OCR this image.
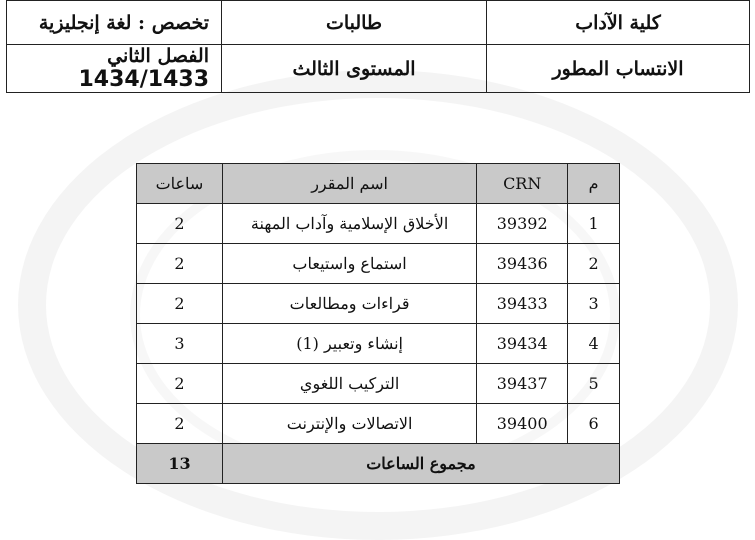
كلية الآداب	طالبات	تخصص : لغة إنجليزية
الانتساب المطور	المستوى الثالث	الفصل الثاني 1434/1433
م	CRN	اسم المقرر	ساعات
1	39392	الأخلاق الإسلامية وآداب المهنة	2
2	39436	استماع واستيعاب	2
3	39433	قراءات ومطالعات	2
4	39434	إنشاء وتعبير (1)	3
5	39437	التركيب اللغوي	2
6	39400	الاتصالات والإنترنت	2
مجموع الساعات			13
